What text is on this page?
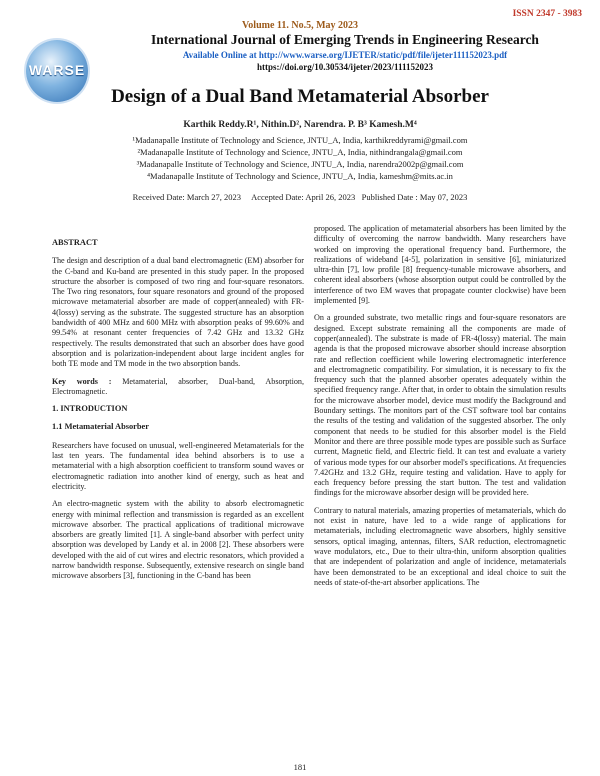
ISSN 2347 - 3983
WARSE
Volume 11. No.5, May 2023
International Journal of Emerging Trends in Engineering Research
Available Online at http://www.warse.org/IJETER/static/pdf/file/ijeter111152023.pdf
https://doi.org/10.30534/ijeter/2023/111152023
Design of a Dual Band Metamaterial Absorber
Karthik Reddy.R¹, Nithin.D², Narendra. P. B³ Kamesh.M⁴
¹Madanapalle Institute of Technology and Science, JNTU_A, India, karthikreddyrami@gmail.com
²Madanapalle Institute of Technology and Science, JNTU_A, India, nithindrangala@gmail.com
³Madanapalle Institute of Technology and Science, JNTU_A, India, narendra2002p@gmail.com
⁴Madanapalle Institute of Technology and Science, JNTU_A, India, kameshm@mits.ac.in
Received Date: March 27, 2023     Accepted Date: April 26, 2023   Published Date : May 07, 2023
ABSTRACT

The design and description of a dual band electromagnetic (EM) absorber for the C-band and Ku-band are presented in this study paper. In the proposed structure the absorber is composed of two ring and four-square resonators. The Two ring resonators, four square resonators and ground of the proposed microwave metamaterial absorber are made of copper(annealed) with FR-4(lossy) serving as the substrate. The suggested structure has an absorption bandwidth of 400 MHz and 600 MHz with absorption peaks of 99.60% and 99.54% at resonant center frequencies of 7.42 GHz and 13.32 GHz respectively. The results demonstrated that such an absorber does have good absorption and is polarization-independent about large incident angles for both TE mode and TM mode in the two absorption bands.

Key words : Metamaterial, absorber, Dual-band, Absorption, Electromagnetic.

1. INTRODUCTION
1.1 Metamaterial Absorber

Researchers have focused on unusual, well-engineered Metamaterials for the last ten years. The fundamental idea behind absorbers is to use a metamaterial with a high absorption coefficient to transform sound waves or electromagnetic radiation into another kind of energy, such as heat and electricity.

An electro-magnetic system with the ability to absorb electromagnetic energy with minimal reflection and transmission is regarded as an excellent microwave absorber. The practical applications of traditional microwave absorbers are greatly limited [1]. A single-band absorber with perfect unity absorption was developed by Landy et al. in 2008 [2]. These absorbers were developed with the aid of cut wires and electric resonators, which provided a narrow bandwidth response. Subsequently, extensive research on single band microwave absorbers [3], functioning in the C-band has been

proposed. The application of metamaterial absorbers has been limited by the difficulty of overcoming the narrow bandwidth. Many researchers have worked on improving the operational frequency band. Furthermore, the realizations of wideband [4-5], polarization in sensitive [6], miniaturized ultra-thin [7], low profile [8] frequency-tunable microwave absorbers, and coherent ideal absorbers (whose absorption output could be controlled by the interference of two EM waves that propagate counter clockwise) have been implemented [9].

On a grounded substrate, two metallic rings and four-square resonators are designed. Except substrate remaining all the components are made of copper(annealed). The substrate is made of FR-4(lossy) material. The main agenda is that the proposed microwave absorber should increase absorption rate and reflection coefficient while lowering electromagnetic interference and electromagnetic compatibility. For simulation, it is necessary to fix the frequency such that the planned absorber operates adequately within the specified frequency range. After that, in order to obtain the simulation results for the microwave absorber model, device must modify the Background and Boundary settings. The monitors part of the CST software tool bar contains the results of the testing and validation of the suggested absorber. The only component that needs to be studied for this absorber model is the Field Monitor and there are three possible mode types are possible such as Surface current, Magnetic field, and Electric field. It can test and evaluate a variety of various mode types for our absorber model's specifications. At frequencies 7.42GHz and 13.2 GHz, require testing and validation. Have to apply for each frequency before pressing the start button. The test and validation findings for the microwave absorber design will be provided here.

Contrary to natural materials, amazing properties of metamaterials, which do not exist in nature, have led to a wide range of applications for metamaterials, including electromagnetic wave absorbers, highly sensitive sensors, optical imaging, antennas, filters, SAR reduction, electromagnetic wave modulators, etc., Due to their ultra-thin, uniform absorption qualities that are independent of polarization and angle of incidence, metamaterials have been demonstrated to be an exceptional and ideal choice to suit the needs of state-of-the-art absorber applications. The

181
